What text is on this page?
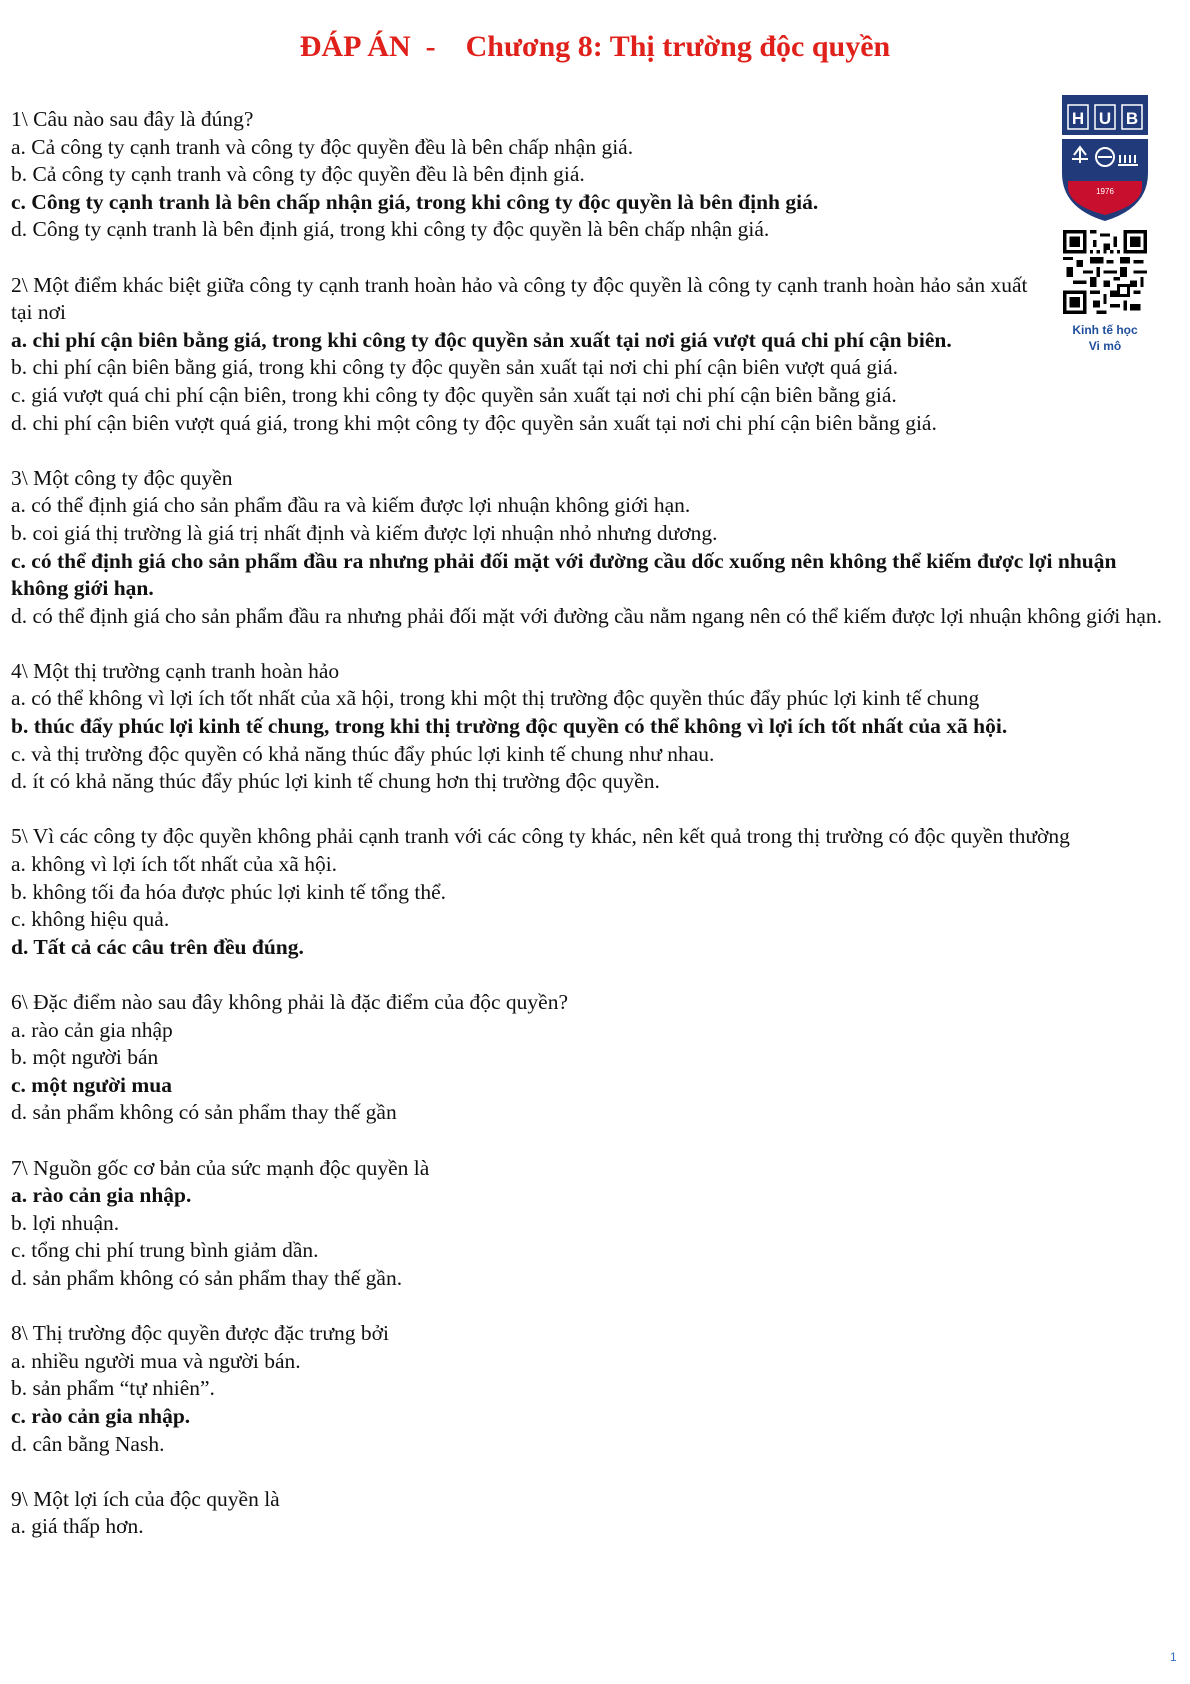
ĐÁP ÁN  -    Chương 8: Thị trường độc quyền
H U B
1976
Kinh tế học
Vi mô
1\ Câu nào sau đây là đúng?
a. Cả công ty cạnh tranh và công ty độc quyền đều là bên chấp nhận giá.
b. Cả công ty cạnh tranh và công ty độc quyền đều là bên định giá.
c. Công ty cạnh tranh là bên chấp nhận giá, trong khi công ty độc quyền là bên định giá.
d. Công ty cạnh tranh là bên định giá, trong khi công ty độc quyền là bên chấp nhận giá.
2\ Một điểm khác biệt giữa công ty cạnh tranh hoàn hảo và công ty độc quyền là công ty cạnh tranh hoàn hảo sản xuất tại nơi
a. chi phí cận biên bằng giá, trong khi công ty độc quyền sản xuất tại nơi giá vượt quá chi phí cận biên.
b. chi phí cận biên bằng giá, trong khi công ty độc quyền sản xuất tại nơi chi phí cận biên vượt quá giá.
c. giá vượt quá chi phí cận biên, trong khi công ty độc quyền sản xuất tại nơi chi phí cận biên bằng giá.
d. chi phí cận biên vượt quá giá, trong khi một công ty độc quyền sản xuất tại nơi chi phí cận biên bằng giá.
3\ Một công ty độc quyền
a. có thể định giá cho sản phẩm đầu ra và kiếm được lợi nhuận không giới hạn.
b. coi giá thị trường là giá trị nhất định và kiếm được lợi nhuận nhỏ nhưng dương.
c. có thể định giá cho sản phẩm đầu ra nhưng phải đối mặt với đường cầu dốc xuống nên không thể kiếm được lợi nhuận không giới hạn.
d. có thể định giá cho sản phẩm đầu ra nhưng phải đối mặt với đường cầu nằm ngang nên có thể kiếm được lợi nhuận không giới hạn.
4\ Một thị trường cạnh tranh hoàn hảo
a. có thể không vì lợi ích tốt nhất của xã hội, trong khi một thị trường độc quyền thúc đẩy phúc lợi kinh tế chung
b. thúc đẩy phúc lợi kinh tế chung, trong khi thị trường độc quyền có thể không vì lợi ích tốt nhất của xã hội.
c. và thị trường độc quyền có khả năng thúc đẩy phúc lợi kinh tế chung như nhau.
d. ít có khả năng thúc đẩy phúc lợi kinh tế chung hơn thị trường độc quyền.
5\ Vì các công ty độc quyền không phải cạnh tranh với các công ty khác, nên kết quả trong thị trường có độc quyền thường
a. không vì lợi ích tốt nhất của xã hội.
b. không tối đa hóa được phúc lợi kinh tế tổng thể.
c. không hiệu quả.
d. Tất cả các câu trên đều đúng.
6\ Đặc điểm nào sau đây không phải là đặc điểm của độc quyền?
a. rào cản gia nhập
b. một người bán
c. một người mua
d. sản phẩm không có sản phẩm thay thế gần
7\ Nguồn gốc cơ bản của sức mạnh độc quyền là
a. rào cản gia nhập.
b. lợi nhuận.
c. tổng chi phí trung bình giảm dần.
d. sản phẩm không có sản phẩm thay thế gần.
8\ Thị trường độc quyền được đặc trưng bởi
a. nhiều người mua và người bán.
b. sản phẩm “tự nhiên”.
c. rào cản gia nhập.
d. cân bằng Nash.
9\ Một lợi ích của độc quyền là
a. giá thấp hơn.
1
